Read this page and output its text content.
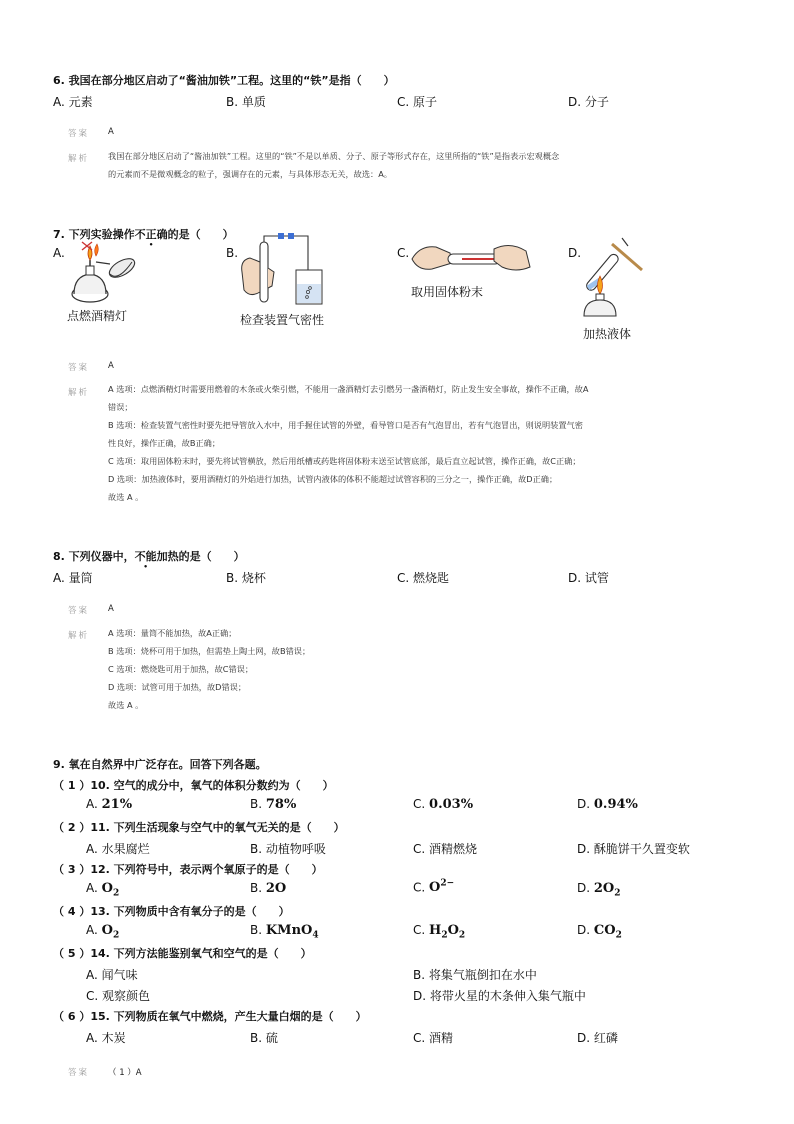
6. 我国在部分地区启动了“酱油加铁”工程。这里的“铁”是指（　　）
A. 元素	B. 单质	C. 原子	D. 分子
答案 A
解析 我国在部分地区启动了“酱油加铁”工程。这里的“铁”不是以单质、分子、原子等形式存在，这里所指的“铁”是指表示宏观概念
的元素而不是微观概念的粒子，强调存在的元素，与具体形态无关，故选：A。
7. 下列实验操作不正确的是（　　）
A.	B.	C.	D.
点燃酒精灯	检查装置气密性
取用固体粉末
加热液体
答案 A
解析 A 选项：点燃酒精灯时需要用燃着的木条或火柴引燃，不能用一盏酒精灯去引燃另一盏酒精灯，防止发生安全事故，操作不正确，故A
错误；
B 选项：检查装置气密性时要先把导管放入水中，用手握住试管的外壁，看导管口是否有气泡冒出，若有气泡冒出，则说明装置气密
性良好，操作正确，故B正确；
C 选项：取用固体粉末时，要先将试管横放，然后用纸槽或药匙将固体粉末送至试管底部，最后直立起试管，操作正确，故C正确；
D 选项：加热液体时，要用酒精灯的外焰进行加热，试管内液体的体积不能超过试管容积的三分之一，操作正确，故D正确；
故选 A 。
8. 下列仪器中，不能加热的是（　　）
A. 量筒	B. 烧杯	C. 燃烧匙	D. 试管
答案 A
解析 A 选项：量筒不能加热，故A正确；
B 选项：烧杯可用于加热，但需垫上陶土网，故B错误；
C 选项：燃烧匙可用于加热，故C错误；
D 选项：试管可用于加热，故D错误；
故选 A 。
9. 氧在自然界中广泛存在。回答下列各题。
（ 1 ）10. 空气的成分中，氧气的体积分数约为（　　）
A. 21%	B. 78%	C. 0.03%	D. 0.94%
（ 2 ）11. 下列生活现象与空气中的氧气无关的是（　　）
A. 水果腐烂	B. 动植物呼吸	C. 酒精燃烧	D. 酥脆饼干久置变软
（ 3 ）12. 下列符号中，表示两个氧原子的是（　　）
A. $O_2$	B. 2O	C. $O^{2-}$	D. $2O_2$
（ 4 ）13. 下列物质中含有氧分子的是（　　）
A. $O_2$	B. KMnO$_4$	C. $H_2O_2$	D. $CO_2$
（ 5 ）14. 下列方法能鉴别氧气和空气的是（　　）
A. 闻气味	B. 将集气瓶倒扣在水中
C. 观察颜色	D. 将带火星的木条伸入集气瓶中
（ 6 ）15. 下列物质在氧气中燃烧，产生大量白烟的是（　　）
A. 木炭	B. 硫	C. 酒精	D. 红磷
答案 （ 1 ）A
